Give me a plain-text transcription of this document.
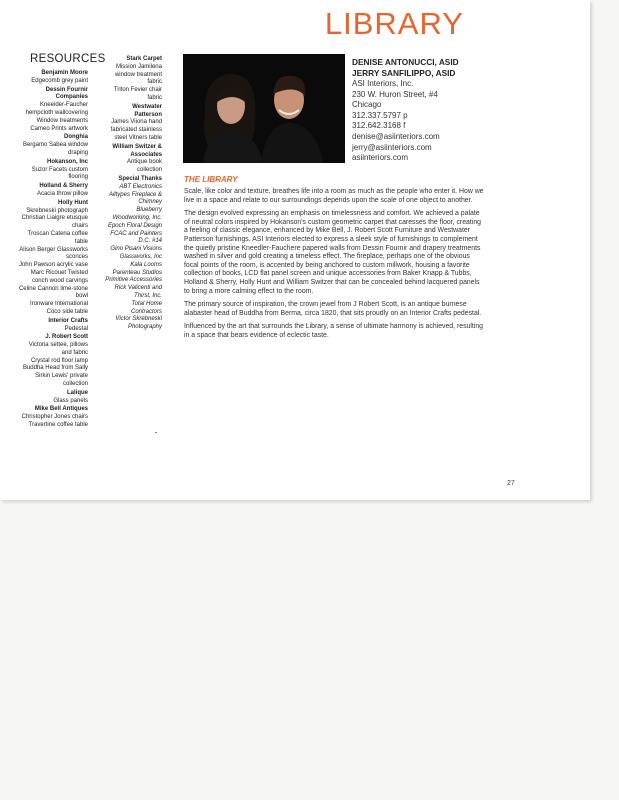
LIBRARY
RESOURCES
Benjamin Moore
Edgecomb grey paint
Dessin Fournir Companies
Kneeider-Faucher hempcloth wallcovering
Window treatments
Cameo Prints artwork
Donghia
Bergamo Sabea window draping
Hokanson, Inc
Suzor Facets custom flooring
Holland & Sherry
Acacia throw pillow
Holly Hunt
Skrebneski photograph
Christian Liaigre etusque chairs
Troscan Catena coffee table
Alison Berger Glassworks sconces
John Pawson acrylic vase
Marc Ricouet Twisted conch wood carvings
Celine Cannon lime-stone bowl
Ironware International Coco side table
Interior Crafts
Pedestal
J. Robert Scott
Victoria settee, pillows and fabric
Crystal rod floor lamp
Buddha Head from Sally Sirkin Lewis' private collection
Lalique
Glass panels
Mike Bell Antiques
Christopher Jones chairs
Travertine coffee table
Stark Carpet
Mission Jamilena window treatment fabric
Triton Fevier chair fabric
Westwater Patterson
James Viiona hand fabricated stainless steel Vitners table
William Switzer & Associates
Antique book collection
Special Thanks
ABT Electronics
Alltypes Fireplace & Chimney
Blueberry Woodworking, Inc.
Epoch Floral Design
FCAC and Painters D.C. #14
Gino Pisani Visions Glassworks, Inc
Kala Looms
Parenteau Studios
Primitive Accessories
Rick Valicenti and Thirst, Inc.
Total Home Contractors
Victor Skrebneski Photography
DENISE ANTONUCCI, ASID
JERRY SANFILIPPO, ASID
ASI Interiors, Inc.
230 W. Huron Street, #4
Chicago
312.337.5797 p
312.642.3168 f
denise@asiinteriors.com
jerry@asiinteriors.com
asiinteriors.com
THE LIBRARY

Scale, like color and texture, breathes life into a room as much as the people who enter it. How we live in a space and relate to our surroundings depends upon the scale of one object to another.

The design evolved expressing an emphasis on timelessness and comfort. We achieved a palate of neutral colors inspired by Hokanson's custom geometric carpet that caresses the floor, creating a feeling of classic elegance, enhanced by Mike Bell, J. Robert Scott Furniture and Westwater Patterson furnishings. ASI Interiors elected to express a sleek style of furnishings to complement the quietly pristine Kneedler-Fauchere papered walls from Dessin Fournir and drapery treatments washed in silver and gold creating a timeless effect. The fireplace, perhaps one of the obvious focal points of the room, is accented by being anchored to custom millwork, housing a favorite collection of books, LCD flat panel screen and unique accessories from Baker Knapp & Tubbs, Holland & Sherry, Holly Hunt and William Switzer that can be concealed behind lacquered panels to bring a more calming effect to the room.

The primary source of inspiration, the crown jewel from J Robert Scott, is an antique burnese alabaster head of Buddha from Berma, circa 1820, that sits proudly on an Interior Crafts pedestal.

Influenced by the art that surrounds the Library, a sense of ultimate harmony is achieved, resulting in a space that bears evidence of eclectic taste.

27
